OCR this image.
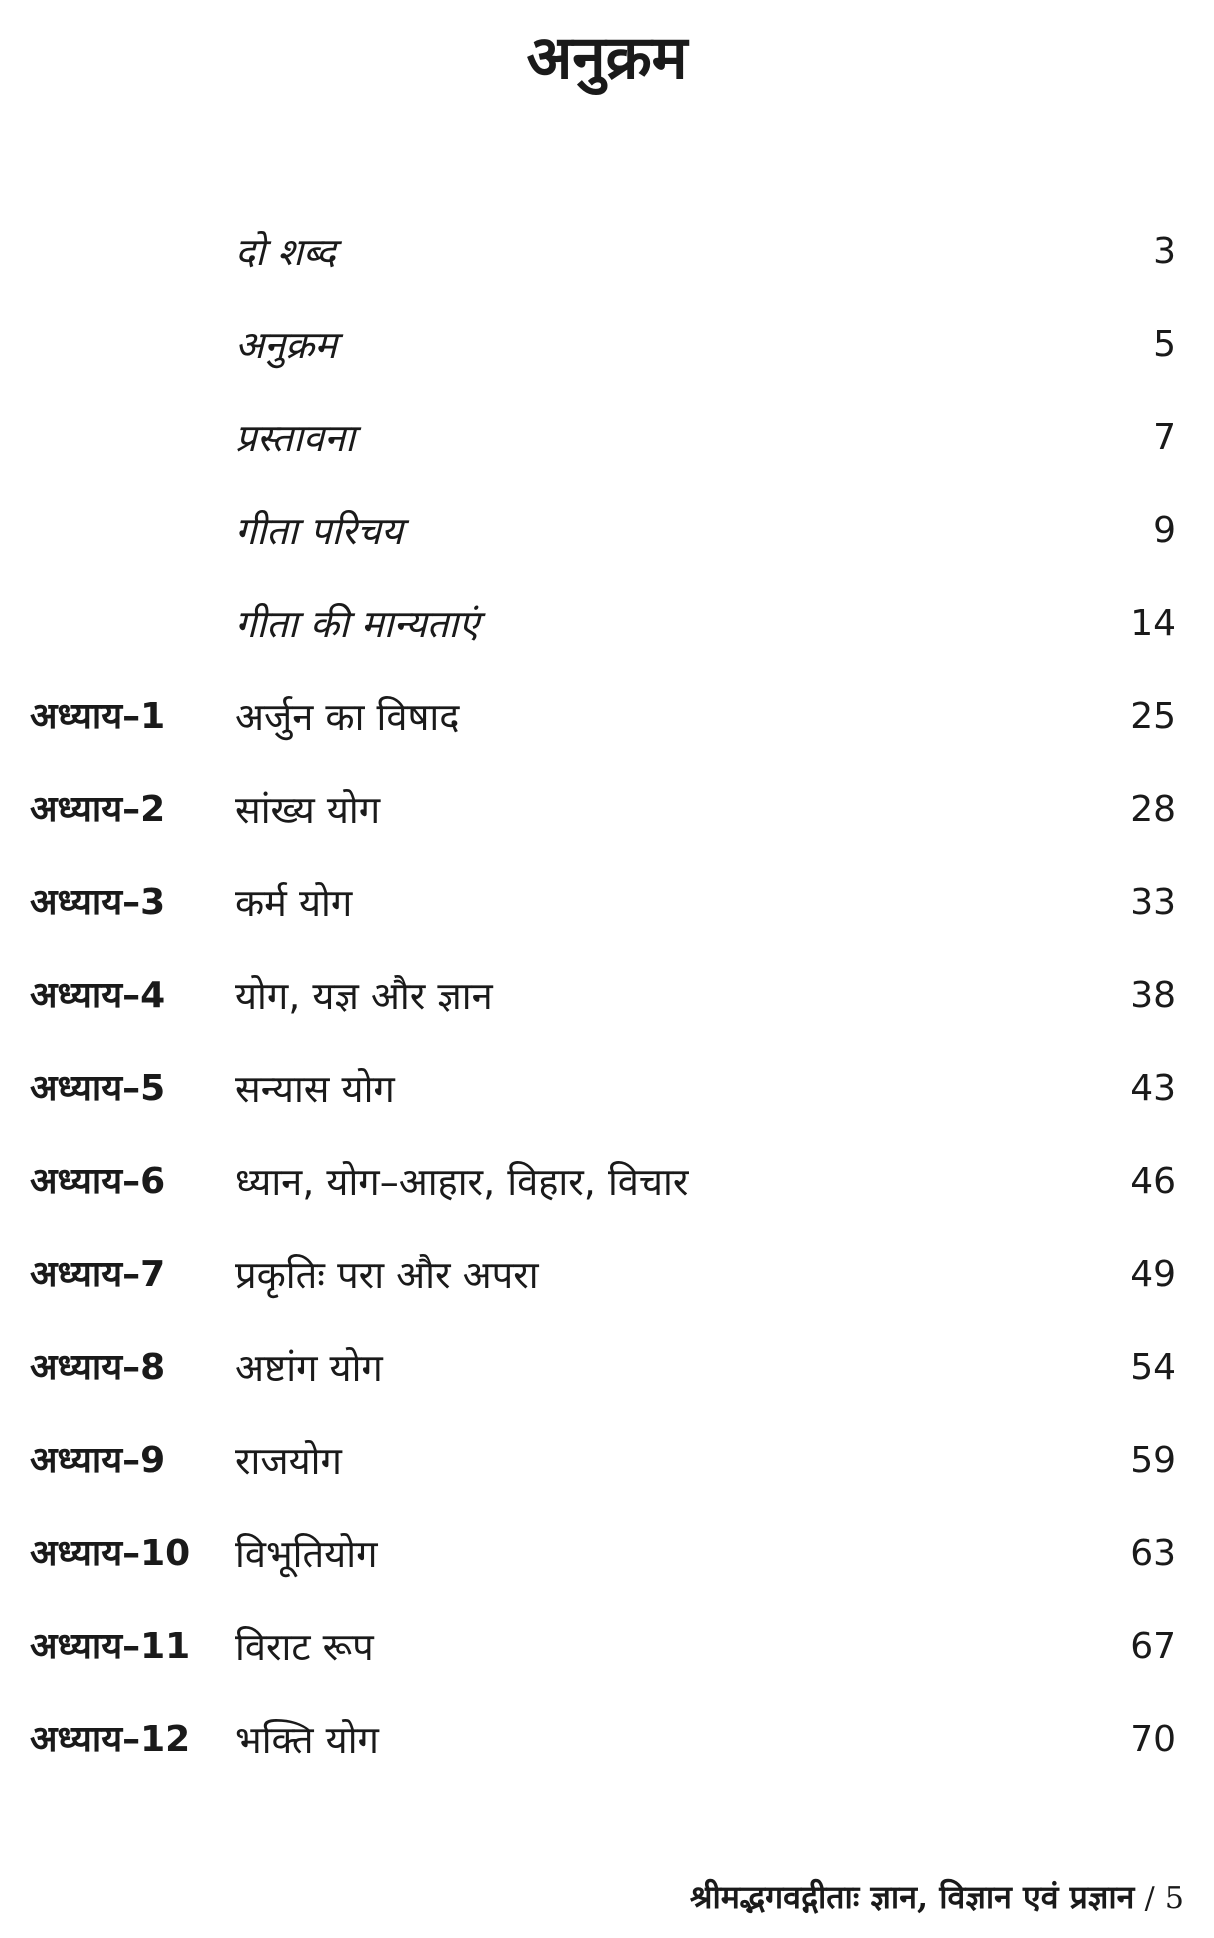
अनुक्रम
दो शब्द	3
अनुक्रम	5
प्रस्तावना	7
गीता परिचय	9
गीता की मान्यताएं	14
अध्याय–1 अर्जुन का विषाद	25
अध्याय–2 सांख्य योग	28
अध्याय–3 कर्म योग	33
अध्याय–4 योग, यज्ञ और ज्ञान	38
अध्याय–5 सन्यास योग	43
अध्याय–6 ध्यान, योग–आहार, विहार, विचार	46
अध्याय–7 प्रकृतिः परा और अपरा	49
अध्याय–8 अष्टांग योग	54
अध्याय–9 राजयोग	59
अध्याय–10 विभूतियोग	63
अध्याय–11 विराट रूप	67
अध्याय–12 भक्ति योग	70
श्रीमद्भगवद्गीताः ज्ञान, विज्ञान एवं प्रज्ञान / 5
